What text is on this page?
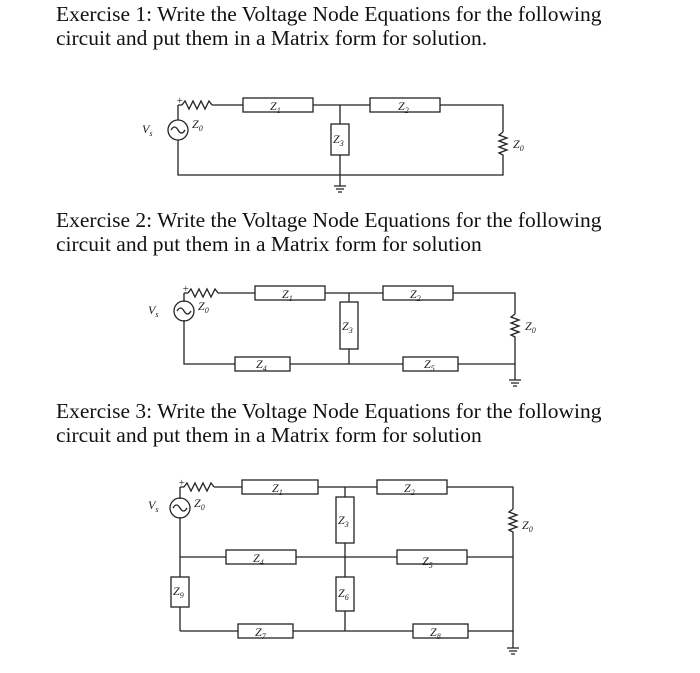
Exercise 1: Write the Voltage Node Equations for the following circuit and put them in a Matrix form for solution.
+
$V_s$
$Z_0$
$Z_1$	$Z_2$
$Z_3$	$Z_0$
Exercise 2: Write the Voltage Node Equations for the following circuit and put them in a Matrix form for solution
+
$V_s$
$Z_0$
$Z_1$	$Z_2$
$Z_3$
$Z_4$	$Z_5$
$Z_0$
Exercise 3: Write the Voltage Node Equations for the following circuit and put them in a Matrix form for solution
+
$V_s$	$Z_0$
$Z_1$	$Z_2$
$Z_3$
$Z_4$	$Z_5$
$Z_6$
$Z_7$	$Z_8$
$Z_9$
$Z_0$
